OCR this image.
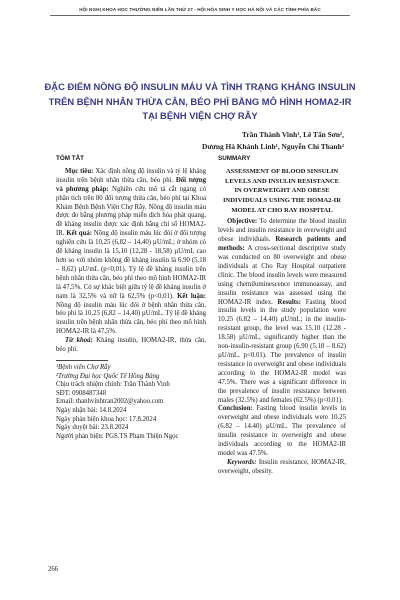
HỘI NGHỊ KHOA HỌC THƯỜNG NIÊN LẦN THỨ 27 - HỘI HÓA SINH Y HỌC HÀ NỘI VÀ CÁC TỈNH PHÍA BẮC
ĐẶC ĐIỂM NỒNG ĐỘ INSULIN MÁU VÀ TÌNH TRẠNG KHÁNG INSULIN
TRÊN BỆNH NHÂN THỪA CÂN, BÉO PHÌ BẰNG MÔ HÌNH HOMA2-IR
TẠI BỆNH VIỆN CHỢ RẪY
Trần Thành Vinh¹, Lê Tấn Sơn²,
Dương Hà Khánh Linh¹, Nguyễn Chí Thanh²
TÓM TẮT

Mục tiêu: Xác định nồng độ insulin và tỷ lệ kháng insulin trên bệnh nhân thừa cân, béo phì. Đối tượng và phương pháp: Nghiên cứu mô tả cắt ngang có phân tích trên 80 đối tượng thừa cân, béo phì tại Khoa Khám Bệnh Bệnh Viện Chợ Rẫy. Nồng độ insulin máu được đo bằng phương pháp miễn dịch hóa phát quang, đề kháng insulin được xác định bằng chỉ số HOMA2-IR. Kết quả: Nồng độ insulin máu lúc đói ở đối tượng nghiên cứu là 10,25 (6,82 – 14,40) µU/mL; ở nhóm có đề kháng insulin là 15,10 (12,28 - 18,58) µU/mL cao hơn so với nhóm không đề kháng insulin là 6,90 (5,18 – 8,62) µU/mL (p<0,01). Tỷ lệ đề kháng insulin trên bệnh nhân thừa cân, béo phì theo mô hình HOMA2-IR là 47,5%. Có sự khác biệt giữa tỷ lệ đề kháng insulin ở nam là 32,5% và nữ là 62,5% (p<0,01). Kết luận: Nồng độ insulin máu lúc đói ở bệnh nhân thừa cân, béo phì là 10,25 (6,82 – 14,40) µU/mL. Tỷ lệ đề kháng insulin trên bệnh nhân thừa cân, béo phì theo mô hình HOMA2-IR là 47,5%.

Từ khoá: Kháng insulin, HOMA2-IR, thừa cân, béo phì.

¹Bệnh viện Chợ Rẫy

²Trường Đại học Quốc Tế Hồng Bàng

Chịu trách nhiệm chính: Trần Thành Vinh

SĐT: 0908487348

Email: thanhvinhtran2002@yahoo.com

Ngày nhận bài: 14.8.2024

Ngày phản biện khoa học: 17.8.2024

Ngày duyệt bài: 23.8.2024

Người phản biện: PGS.TS Phạm Thiện Ngọc

SUMMARY
ASSESSMENT OF BLOOD SINSULIN
LEVELS AND INSULIN RESISTANCE
IN OVERWEIGHT AND OBESE
INDIVIDUALS USING THE HOMA2-IR
MODEL AT CHO RAY HOSPITAL

Objective: To determine the blood insulin levels and insulin resistance in overweight and obese individuals. Research patients and methods: A cross-sectional descriptive study was conducted on 80 overweight and obese individuals at Cho Ray Hospital outpatient clinic. The blood insulin levels were measured using chemiluminescence immunoassay, and insulin resistance was assessed using the HOMA2-IR index. Results: Fasting blood insulin levels in the study population were 10.25 (6.82 – 14.40) µU/mL; in the insulin-resistant group, the level was 15.10 (12.28 - 18.58) µU/mL, significantly higher than the non-insulin-resistant group (6.90 (5.18 – 8.62) µU/mL, p<0.01). The prevalence of insulin resistance in overweight and obese individuals according to the HOMA2-IR model was 47.5%. There was a significant difference in the prevalence of insulin resistance between males (32.5%) and females (62.5%) (p<0.01).
Conclusion: Fasting blood insulin levels in overweight and obese individuals were 10.25 (6.82 – 14.40) µU/mL. The prevalence of insulin resistance in overweight and obese individuals according to the HOMA2-IR model was 47.5%.

Keywords: Insulin resistance, HOMA2-IR, overweight, obesity.

266
